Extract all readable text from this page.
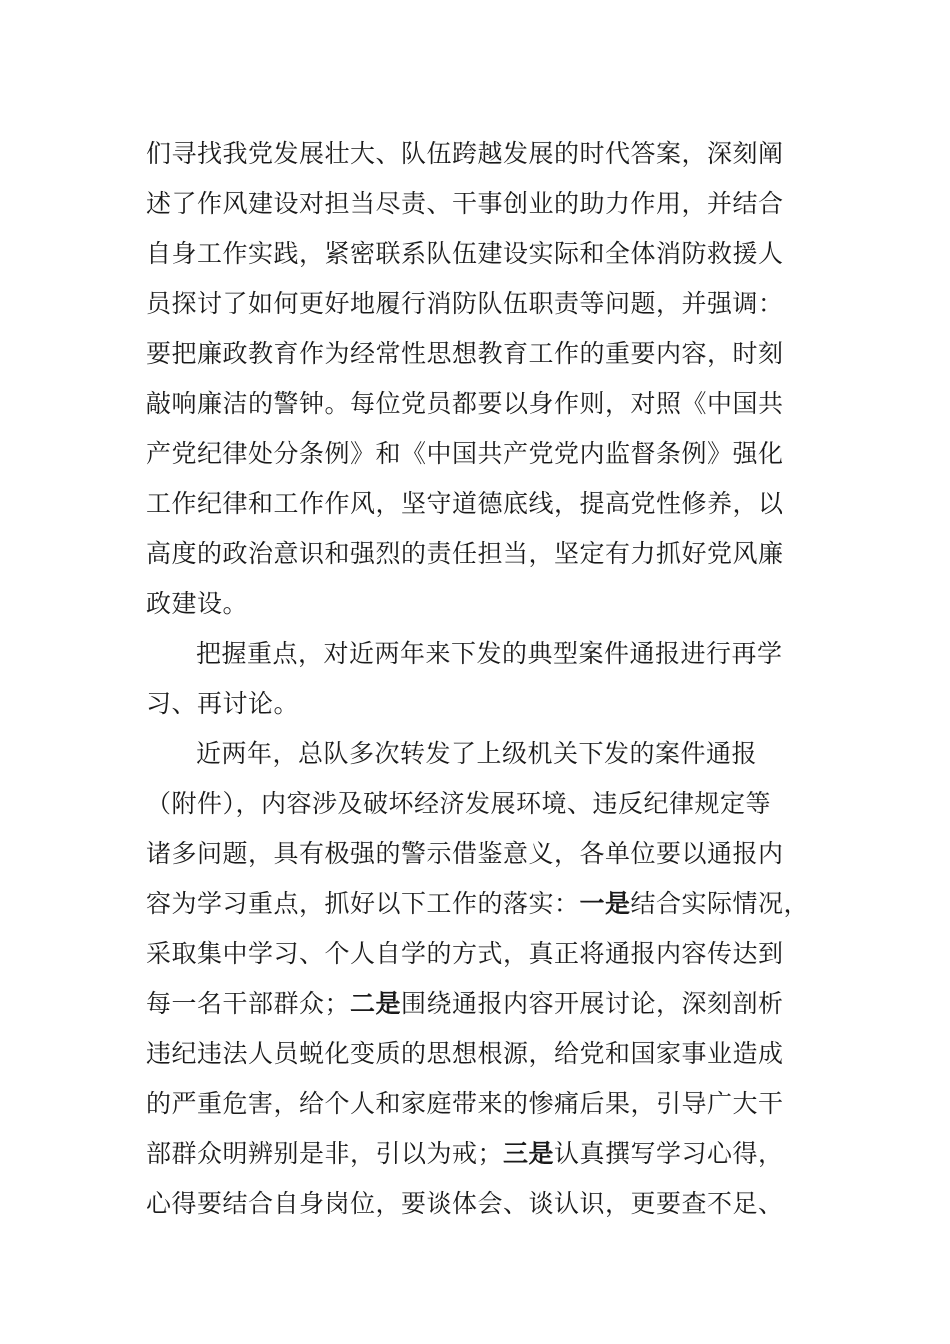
们寻找我党发展壮大、队伍跨越发展的时代答案，深刻阐
述了作风建设对担当尽责、干事创业的助力作用，并结合
自身工作实践，紧密联系队伍建设实际和全体消防救援人
员探讨了如何更好地履行消防队伍职责等问题，并强调：
要把廉政教育作为经常性思想教育工作的重要内容，时刻
敲响廉洁的警钟。每位党员都要以身作则，对照《中国共
产党纪律处分条例》和《中国共产党党内监督条例》强化
工作纪律和工作作风，坚守道德底线，提高党性修养，以
高度的政治意识和强烈的责任担当，坚定有力抓好党风廉
政建设。
把握重点，对近两年来下发的典型案件通报进行再学
习、再讨论。
近两年，总队多次转发了上级机关下发的案件通报
（附件），内容涉及破坏经济发展环境、违反纪律规定等
诸多问题，具有极强的警示借鉴意义，各单位要以通报内
容为学习重点，抓好以下工作的落实：一是结合实际情况，
采取集中学习、个人自学的方式，真正将通报内容传达到
每一名干部群众；二是围绕通报内容开展讨论，深刻剖析
违纪违法人员蜕化变质的思想根源，给党和国家事业造成
的严重危害，给个人和家庭带来的惨痛后果，引导广大干
部群众明辨别是非，引以为戒；三是认真撰写学习心得，
心得要结合自身岗位，要谈体会、谈认识，更要查不足、
